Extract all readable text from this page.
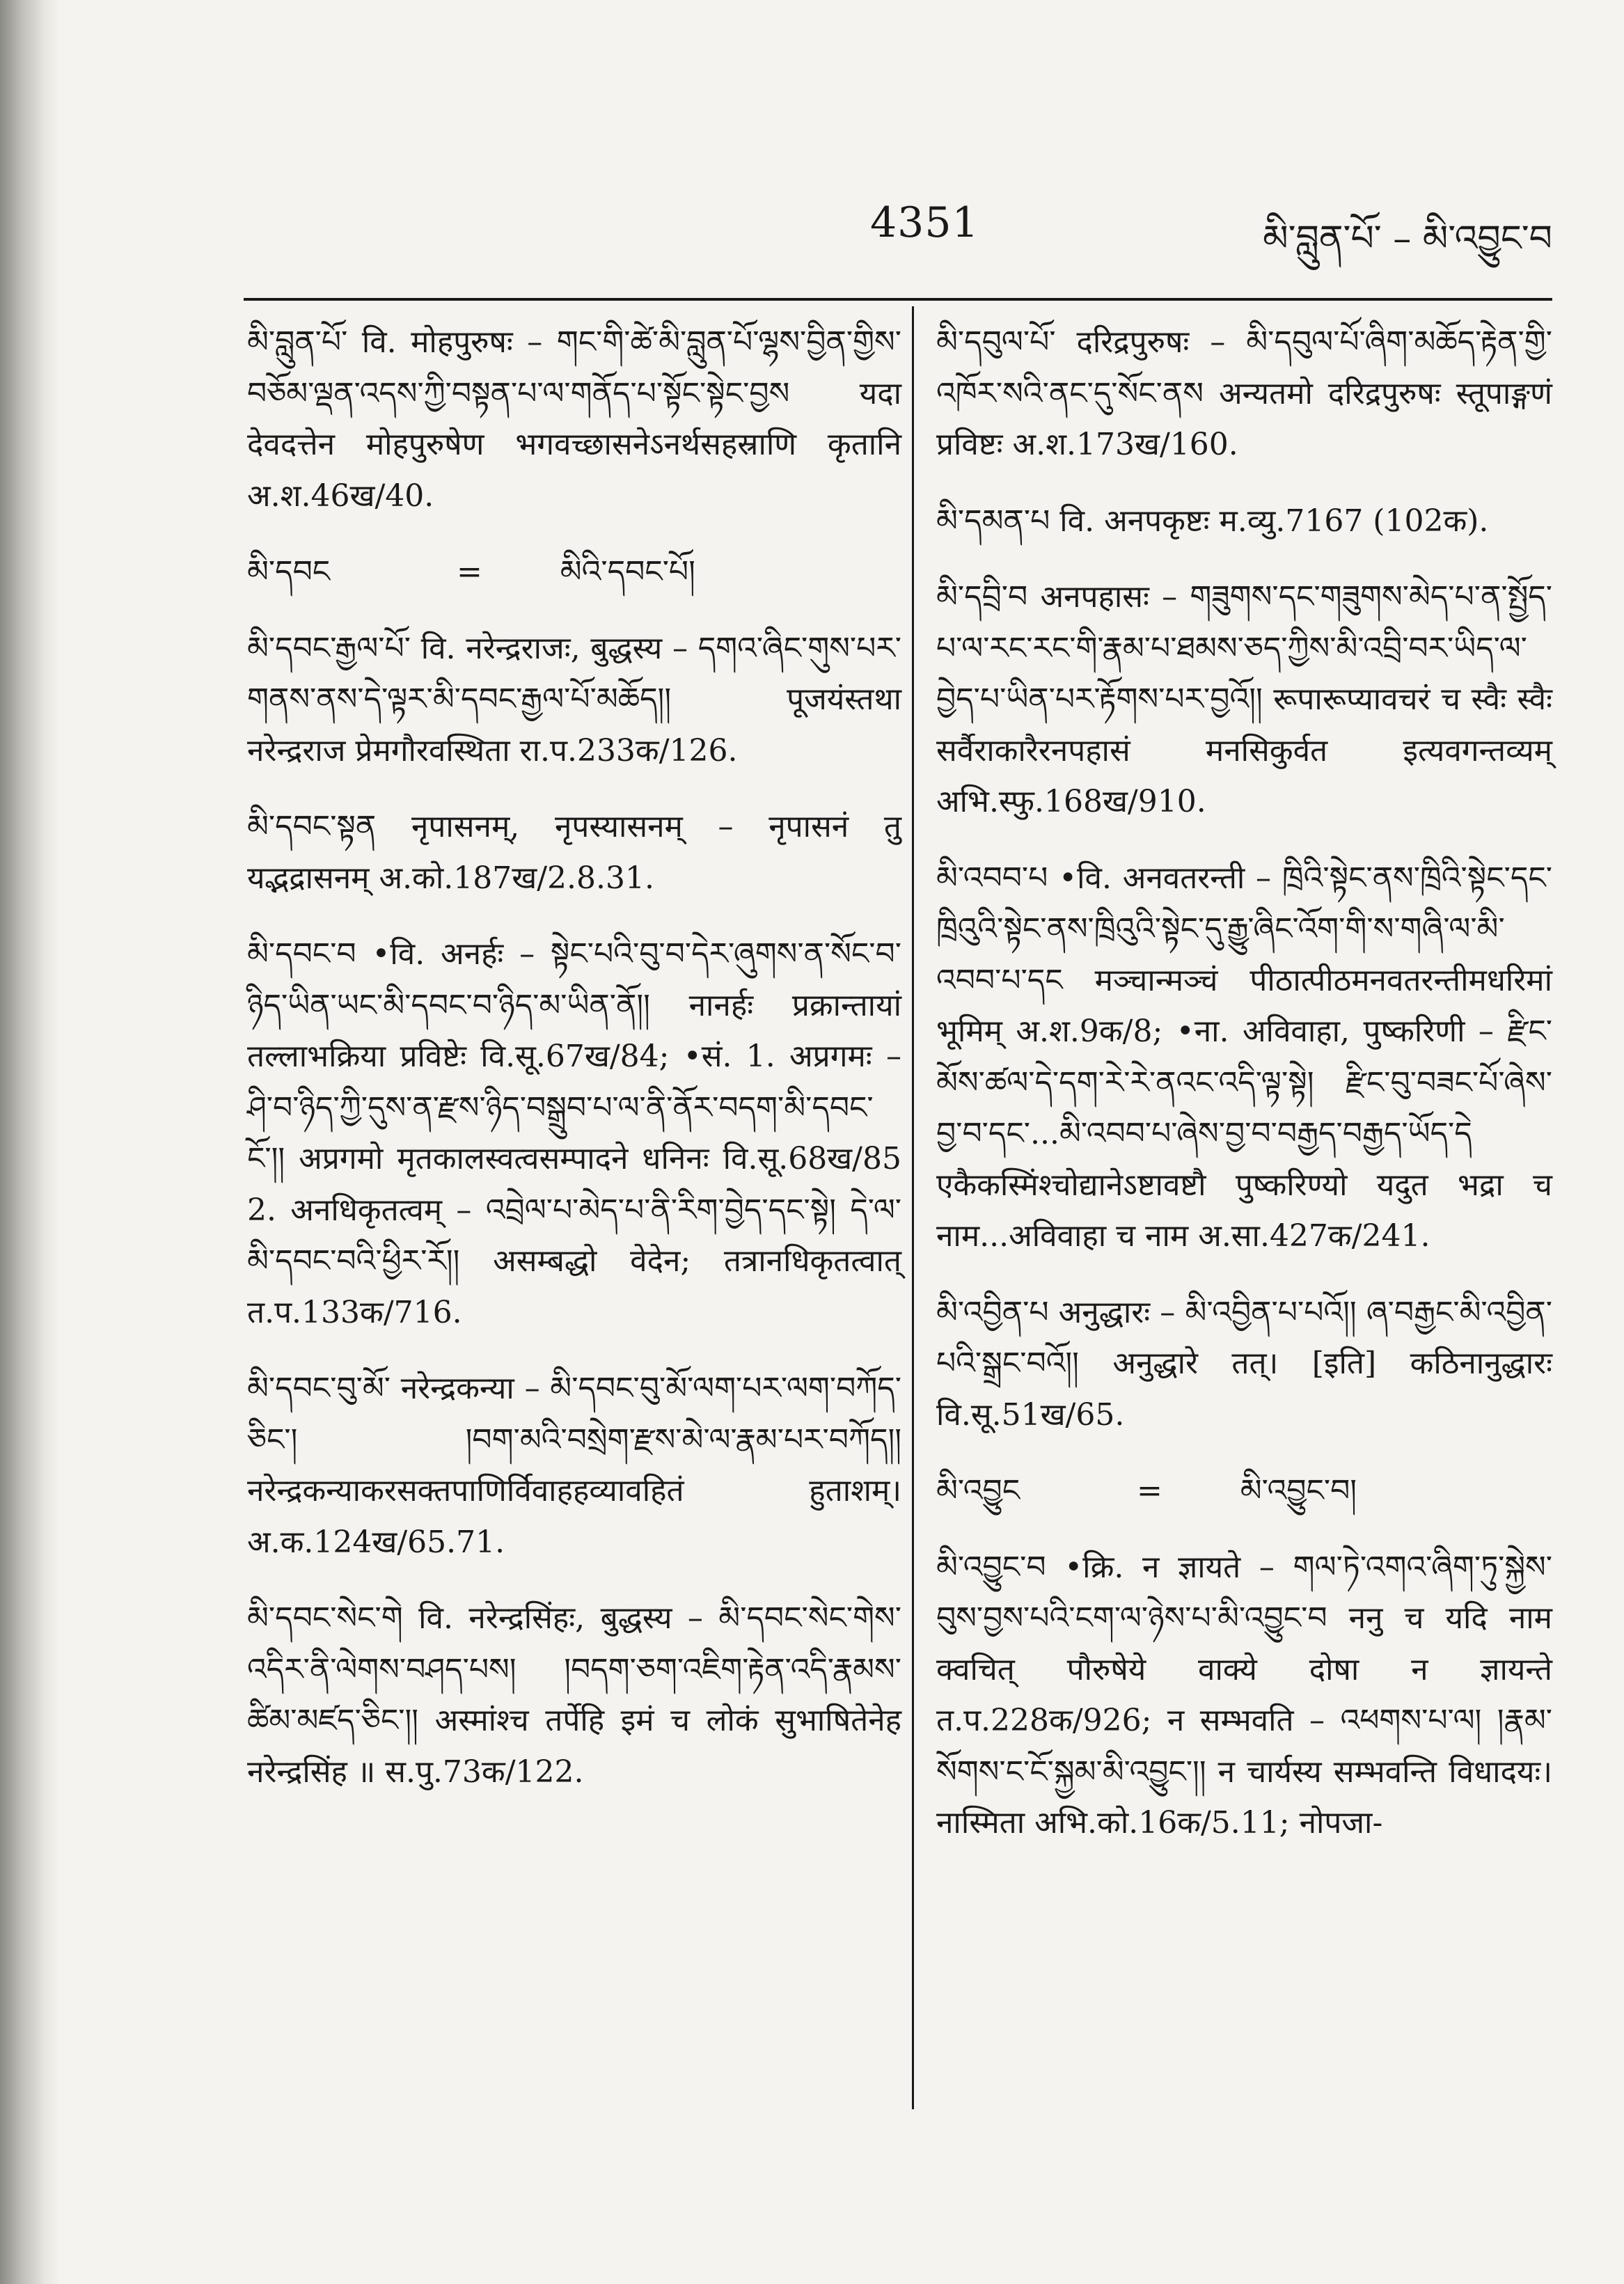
4351	མི་བླུན་པོ་ – མི་འབྱུང་བ

མི་བླུན་པོ་ वि. मोहपुरुषः – གང་གི་ཚེ་མི་བླུན་པོ་ལྷས་བྱིན་གྱིས་བཅོམ་ལྡན་འདས་ཀྱི་བསྟན་པ་ལ་གནོད་པ་སྟོང་སྟེང་བྱས यदा देवदत्तेन मोहपुरुषेण भगवच्छासनेऽनर्थसहस्राणि कृतानि अ.श.46ख/40.

མི་དབང             =        མིའི་དབང་པོ།

མི་དབང་རྒྱལ་པོ་ वि. नरेन्द्रराजः, बुद्धस्य – དགའ་ཞིང་གུས་པར་གནས་ནས་དེ་ལྟར་མི་དབང་རྒྱལ་པོ་མཆོད།། पूजयंस्तथा नरेन्द्रराज प्रेमगौरवस्थिता रा.प.233क/126.

མི་དབང་སྟན नृपासनम्, नृपस्यासनम् – नृपासनं तु यद्भद्रासनम् अ.को.187ख/2.8.31.

མི་དབང་བ •वि. अनर्हः – སྟེང་པའི་བུ་བ་དེར་ཞུགས་ན་སོང་བ་ཉིད་ཡིན་ཡང་མི་དབང་བ་ཉིད་མ་ཡིན་ནོ།། नानर्हः प्रक्रान्तायां तल्लाभक्रिया प्रविष्टेः वि.सू.67ख/84; •सं. 1. अप्रगमः – ཤི་བ་ཉིད་ཀྱི་དུས་ན་རྫས་ཉིད་བསྒྲུབ་པ་ལ་ནི་ནོར་བདག་མི་དབང་ངོ་།། अप्रगमो मृतकालस्वत्वसम्पादने धनिनः वि.सू.68ख/85 2. अनधिकृतत्वम् – འབྲེལ་པ་མེད་པ་ནི་རིག་བྱེད་དང་སྟེ། དེ་ལ་མི་དབང་བའི་ཕྱིར་རོ།། असम्बद्धो वेदेन; तत्रानधिकृतत्वात् त.प.133क/716.

མི་དབང་བུ་མོ་ नरेन्द्रकन्या – མི་དབང་བུ་མོ་ལག་པར་ལག་བཀོད་ཅིང་། །བག་མའི་བསྲེག་རྫས་མེ་ལ་རྣམ་པར་བཀོད།། नरेन्द्रकन्याकरसक्तपाणिर्विवाहहव्यावहितं हुताशम्। अ.क.124ख/65.71.

མི་དབང་སེང་གེ वि. नरेन्द्रसिंहः, बुद्धस्य – མི་དབང་སེང་གེས་འདིར་ནི་ལེགས་བཤད་པས། །བདག་ཅག་འཇིག་རྟེན་འདི་རྣམས་ཚིམ་མཛད་ཅིང་།། अस्मांश्च तर्पेहि इमं च लोकं सुभाषितेनेह नरेन्द्रसिंह ॥ स.पु.73क/122.

མི་དབུལ་པོ་ दरिद्रपुरुषः – མི་དབུལ་པོ་ཞིག་མཆོད་རྟེན་གྱི་འཁོར་སའི་ནང་དུ་སོང་ནས अन्यतमो दरिद्रपुरुषः स्तूपाङ्गणं प्रविष्टः अ.श.173ख/160.

མི་དམན་པ वि. अनपकृष्टः म.व्यु.7167 (102क).

མི་དབྲི་བ अनपहासः – གཟུགས་དང་གཟུགས་མེད་པ་ན་སྤྱོད་པ་ལ་རང་རང་གི་རྣམ་པ་ཐམས་ཅད་ཀྱིས་མི་འབྲི་བར་ཡིད་ལ་བྱེད་པ་ཡིན་པར་རྟོགས་པར་བྱའོ།། रूपारूप्यावचरं च स्वैः स्वैः सर्वैराकारैरनपहासं मनसिकुर्वत इत्यवगन्तव्यम् अभि.स्फु.168ख/910.

མི་འབབ་པ •वि. अनवतरन्ती – ཁྲིའི་སྟེང་ནས་ཁྲིའི་སྟེང་དང་ཁྲིའུའི་སྟེང་ནས་ཁྲིའུའི་སྟེང་དུ་རྒྱུ་ཞིང་འོག་གི་ས་གཞི་ལ་མི་འབབ་པ་དང मञ्चान्मञ्चं पीठात्पीठमनवतरन्तीमधरिमां भूमिम् अ.श.9क/8; •ना. अविवाहा, पुष्करिणी – རྫིང་མོས་ཚལ་དེ་དག་རེ་རེ་ནའང་འདི་ལྟ་སྟེ། རྫིང་བུ་བཟང་པོ་ཞེས་བྱ་བ་དང་...མི་འབབ་པ་ཞེས་བྱ་བ་བརྒྱད་བརྒྱད་ཡོད་དེ एकैकस्मिंश्चोद्यानेऽष्टावष्टौ पुष्करिण्यो यदुत भद्रा च नाम...अविवाहा च नाम अ.सा.427क/241.

མི་འབྱིན་པ अनुद्धारः – མི་འབྱིན་པ་པའོ།། ཞ་བརྒྱང་མི་འབྱིན་པའི་སྒྲང་བའོ།། अनुद्धारे तत्। [इति] कठिनानुद्धारः वि.सू.51ख/65.

མི་འབྱུང            =        མི་འབྱུང་བ།

མི་འབྱུང་བ •क्रि. न ज्ञायते – གལ་ཏེ་འགའ་ཞིག་ཏུ་སྐྱེས་བུས་བྱས་པའི་ངག་ལ་ཉེས་པ་མི་འབྱུང་བ ननु च यदि नाम क्वचित् पौरुषेये वाक्ये दोषा न ज्ञायन्ते त.प.228क/926; न सम्भवति – འཕགས་པ་ལ། །རྣམ་སོགས་ང་ངོ་སྐྱམ་མི་འབྱུང་།། न चार्यस्य सम्भवन्ति विधादयः। नास्मिता अभि.को.16क/5.11; नोपजा-
